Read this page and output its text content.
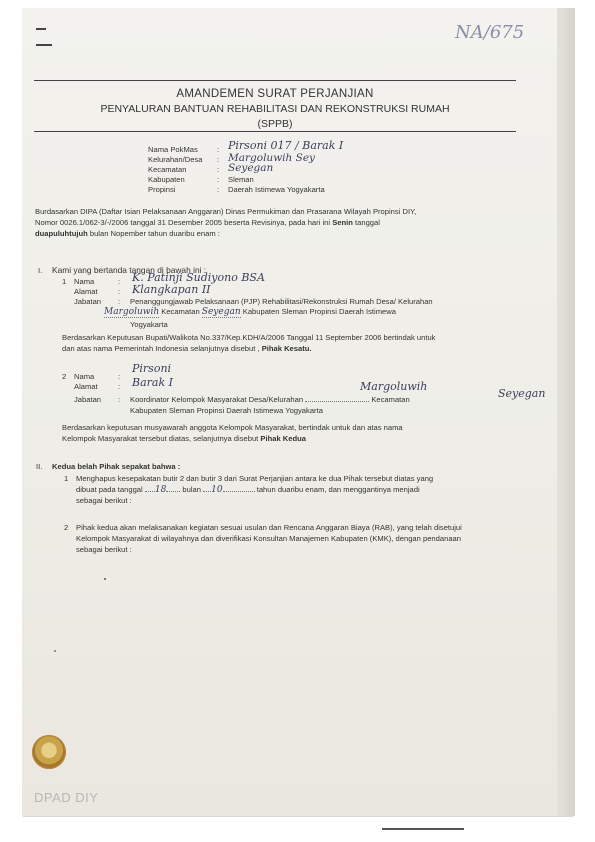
NA/675
AMANDEMEN SURAT PERJANJIAN
PENYALURAN BANTUAN REHABILITASI DAN REKONSTRUKSI RUMAH
(SPPB)
Nama PokMas	: Pirsoni 017 / Barak I
Kelurahan/Desa : Margoluwih Sey
Kecamatan	: Seyegan
Kabupaten	: Sleman
Propinsi	: Daerah Istimewa Yogyakarta
Burdasarkan DIPA (Daftar Isian Pelaksanaan Anggaran) Dinas Permukiman dan Prasarana Wilayah Propinsi DIY,
Nomor 0026.1/062-3/-/2006 tanggal 31 Desember 2005 beserta Revisinya, pada hari ini Senin tanggal
duapuluhtujuh bulan Nopember tahun duaribu enam :
I. Kami yang bertanda tangan di bawah ini :
1 Nama	: K. Patinji Sudiyono BSA
Alamat	: Klangkapan II
Jabatan : Penanggungjawab Pelaksanaan (PJP) Rehabilitasi/Rekonstruksi Rumah Desa/ Kelurahan
Margoluwih Kecamatan Seyegan Kabupaten Sleman Propinsi Daerah Istimewa
Yogyakarta
Berdasarkan Keputusan Bupati/Walikota No.337/Kep.KDH/A/2006 Tanggal 11 September 2006 bertindak untuk
dan atas nama Pemerintah Indonesia selanjutnya disebut , Pihak Kesatu.
2 Nama	:
Pirsoni
Alamat	: Barak I	Margoluwih
Jabatan : Koordinator Kelompok Masyarakat Desa/Kelurahan	Kecamatan	Seyegan
Kabupaten Sleman Propinsi Daerah Istimewa Yogyakarta
Berdasarkan keputusan musyawarah anggota Kelompok Masyarakat, bertindak untuk dan atas nama
Kelompok Masyarakat tersebut diatas, selanjutnya disebut Pihak Kedua
II. Kedua belah Pihak sepakat bahwa :
1 Menghapus kesepakatan butir 2 dan butir 3 dari Surat Perjanjian antara ke dua Pihak tersebut diatas yang
dibuat pada tanggal 18 bulan 10	tahun duaribu enam, dan menggantinya menjadi
sebagai berikut :
2 Pihak kedua akan melaksanakan kegiatan sesuai usulan dan Rencana Anggaran Biaya (RAB), yang telah disetujui
Kelompok Masyarakat di wilayahnya dan diverifikasi Konsultan Manajemen Kabupaten (KMK), dengan pendanaan
sebagai berikut :
DPAD DIY
